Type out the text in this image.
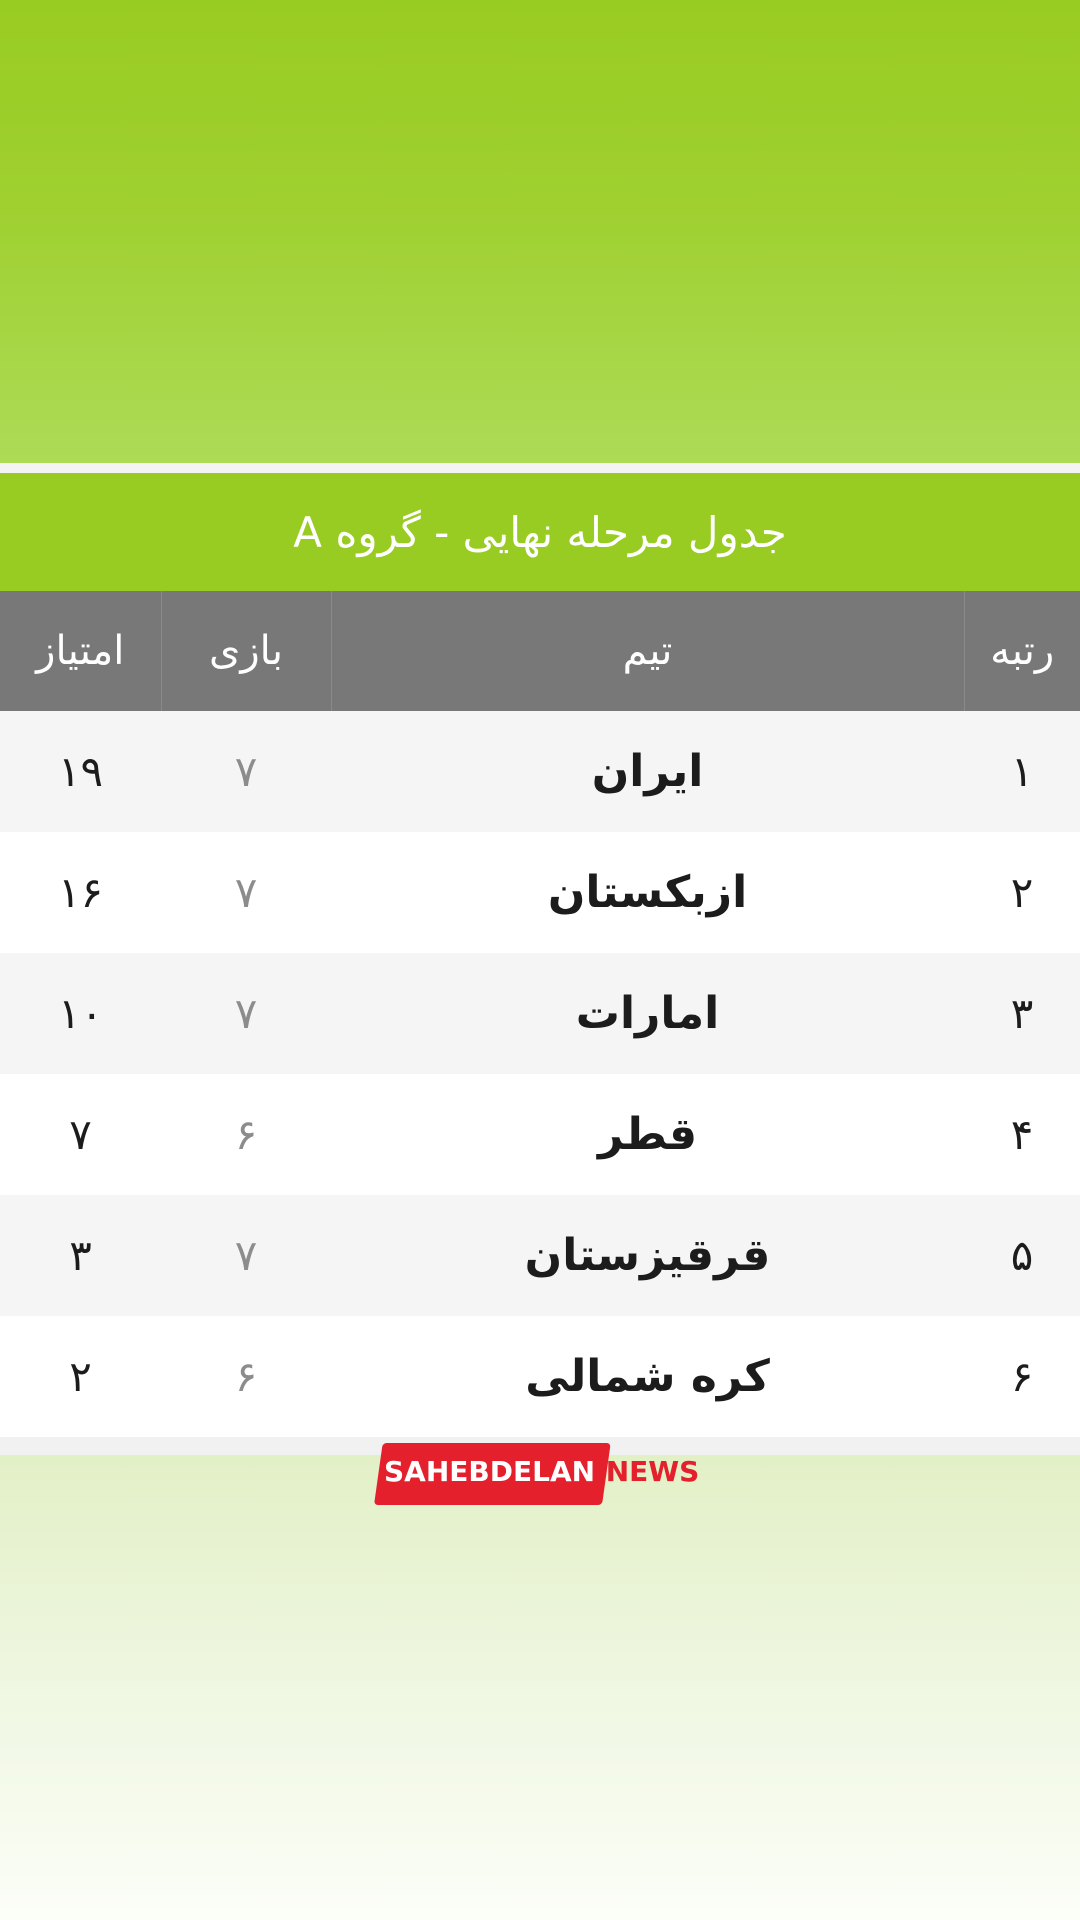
جدول مرحله نهایی - گروه A
رتبه	تیم	بازی	امتیاز
۱	ایران	۷	۱۹
۲	ازبکستان	۷	۱۶
۳	امارات	۷	۱۰
۴	قطر	۶	۷
۵	قرقیزستان	۷	۳
۶	کره شمالی	۶	۲
SAHEBDELAN.NEWS
